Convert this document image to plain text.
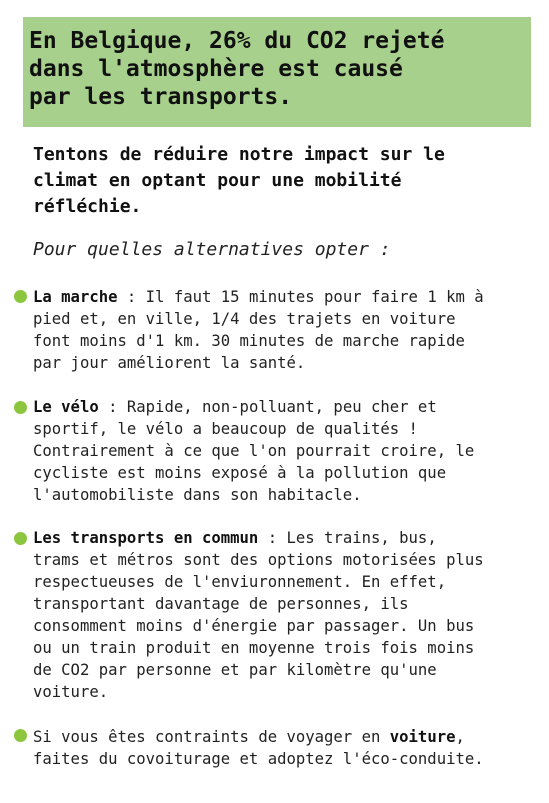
En Belgique, 26% du CO2 rejeté
dans l'atmosphère est causé
par les transports.

Tentons de réduire notre impact sur le
climat en optant pour une mobilité
réfléchie.

Pour quelles alternatives opter :

La marche : Il faut 15 minutes pour faire 1 km à
pied et, en ville, 1/4 des trajets en voiture
font moins d'1 km. 30 minutes de marche rapide
par jour améliorent la santé.

Le vélo : Rapide, non-polluant, peu cher et
sportif, le vélo a beaucoup de qualités !
Contrairement à ce que l'on pourrait croire, le
cycliste est moins exposé à la pollution que
l'automobiliste dans son habitacle.

Les transports en commun : Les trains, bus,
trams et métros sont des options motorisées plus
respectueuses de l'enviuronnement. En effet,
transportant davantage de personnes, ils
consomment moins d'énergie par passager. Un bus
ou un train produit en moyenne trois fois moins
de CO2 par personne et par kilomètre qu'une
voiture.

Si vous êtes contraints de voyager en voiture,
faites du covoiturage et adoptez l'éco-conduite.
